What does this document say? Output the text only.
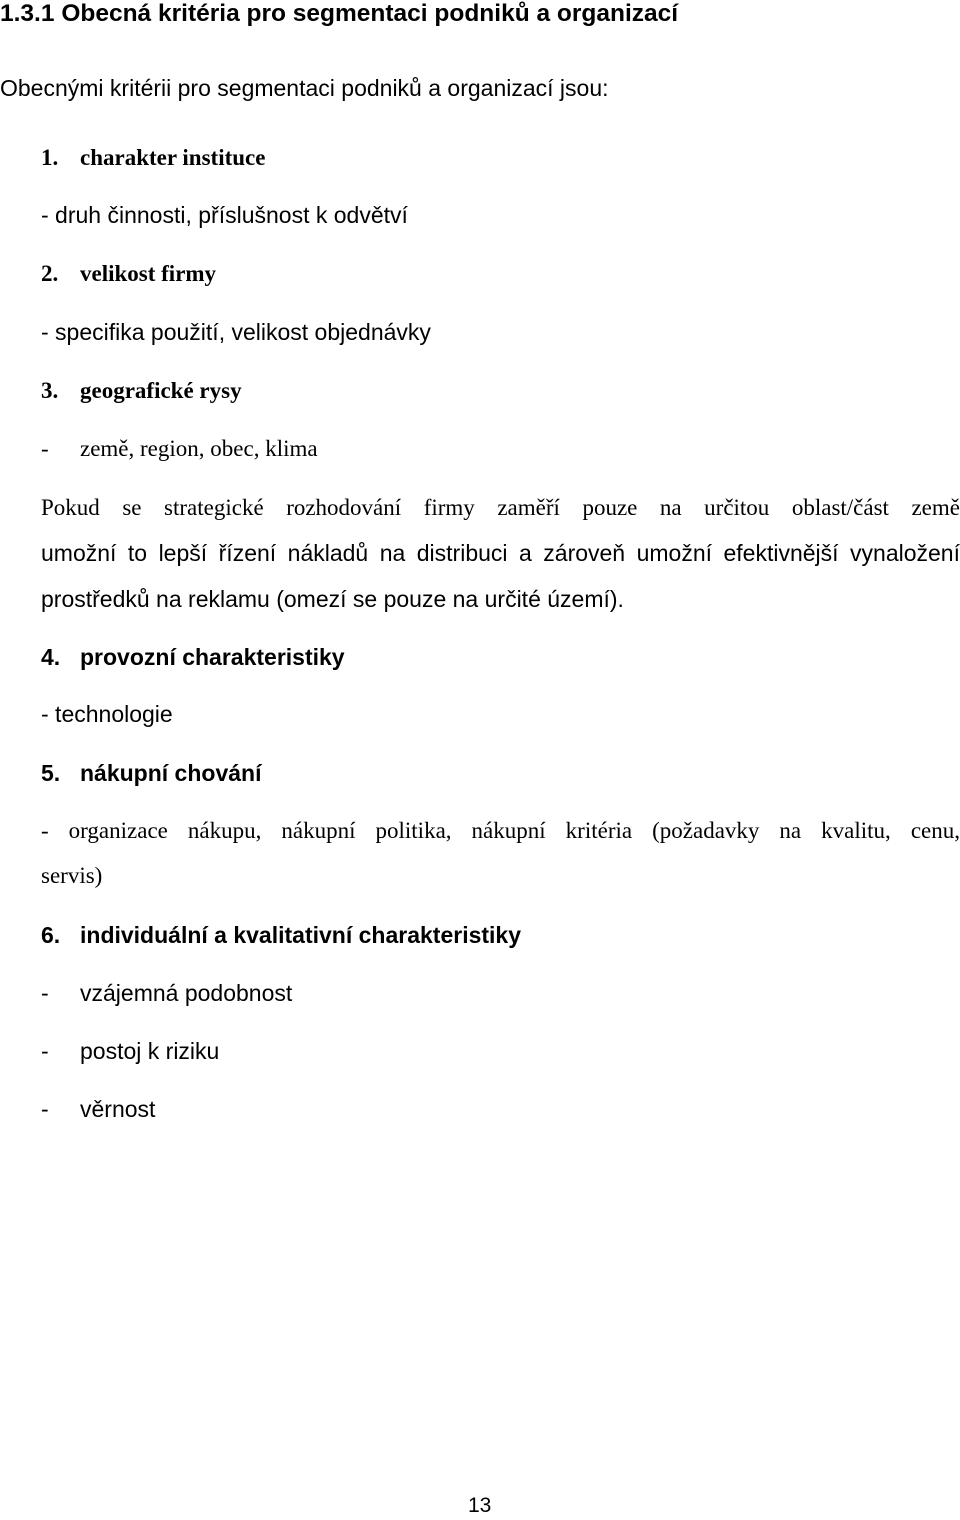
1.3.1 Obecná kritéria pro segmentaci podniků a organizací
Obecnými kritérii pro segmentaci podniků a organizací jsou:
1. charakter instituce
- druh činnosti, příslušnost k odvětví
2. velikost firmy
- specifika použití, velikost objednávky
3. geografické rysy
- země, region, obec, klima
Pokud se strategické rozhodování firmy zaměří pouze na určitou oblast/část země
umožní to lepší řízení nákladů na distribuci a zároveň umožní efektivnější vynaložení
prostředků na reklamu (omezí se pouze na určité území).
4. provozní charakteristiky
- technologie
5. nákupní chování
- organizace nákupu, nákupní politika, nákupní kritéria (požadavky na kvalitu, cenu,
servis)
6. individuální a kvalitativní charakteristiky
- vzájemná podobnost
- postoj k riziku
- věrnost
13
